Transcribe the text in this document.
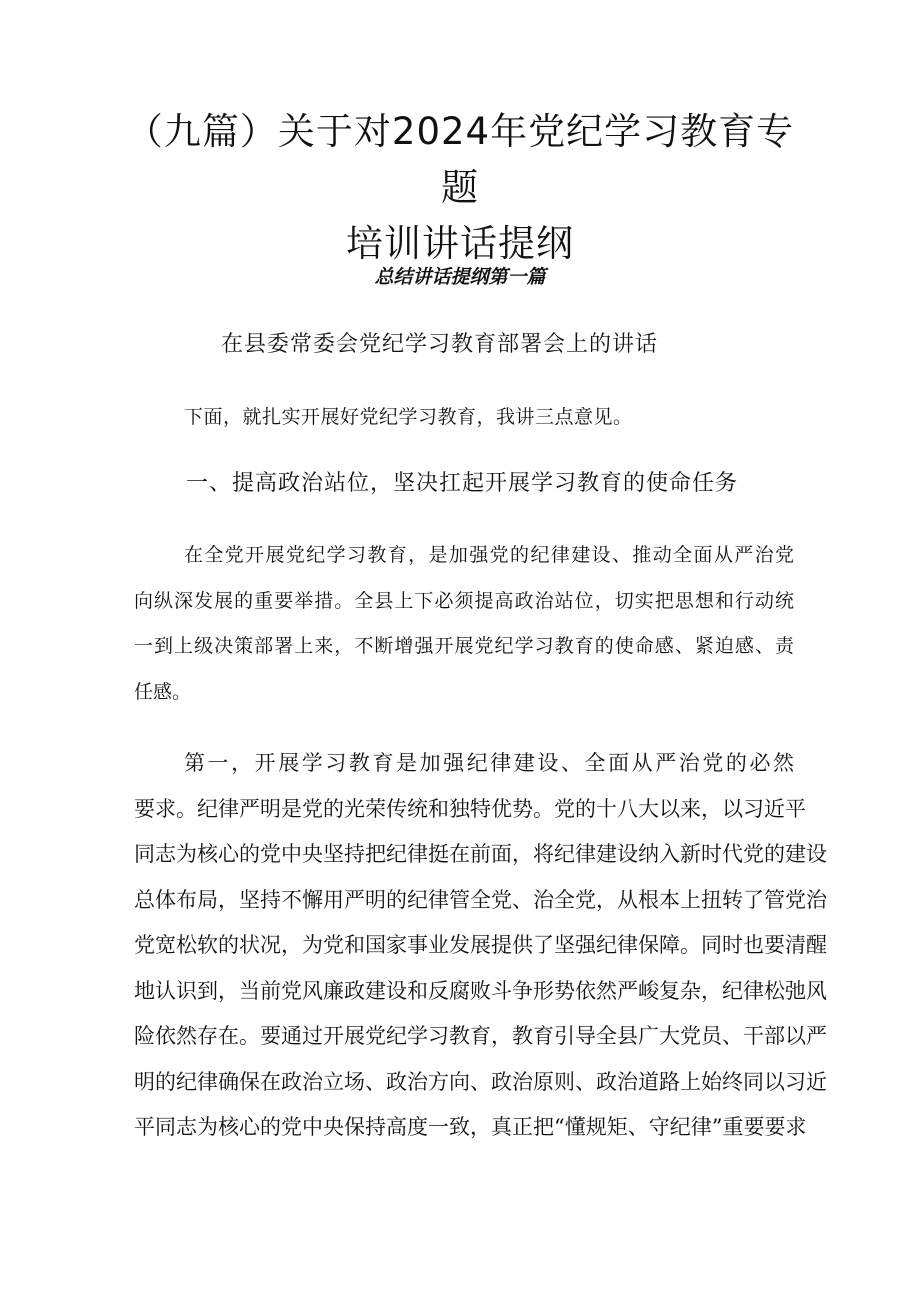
（九篇）关于对2024年党纪学习教育专题
培训讲话提纲
总结讲话提纲第一篇
在县委常委会党纪学习教育部署会上的讲话
下面，就扎实开展好党纪学习教育，我讲三点意见。
一、提高政治站位，坚决扛起开展学习教育的使命任务
在全党开展党纪学习教育，是加强党的纪律建设、推动全面从严治党
向纵深发展的重要举措。全县上下必须提高政治站位，切实把思想和行动统
一到上级决策部署上来，不断增强开展党纪学习教育的使命感、紧迫感、责
任感。
第一，开展学习教育是加强纪律建设、全面从严治党的必然
要求。纪律严明是党的光荣传统和独特优势。党的十八大以来，以习近平
同志为核心的党中央坚持把纪律挺在前面，将纪律建设纳入新时代党的建设
总体布局，坚持不懈用严明的纪律管全党、治全党，从根本上扭转了管党治
党宽松软的状况，为党和国家事业发展提供了坚强纪律保障。同时也要清醒
地认识到，当前党风廉政建设和反腐败斗争形势依然严峻复杂，纪律松弛风
险依然存在。要通过开展党纪学习教育，教育引导全县广大党员、干部以严
明的纪律确保在政治立场、政治方向、政治原则、政治道路上始终同以习近
平同志为核心的党中央保持高度一致，真正把“懂规矩、守纪律”重要要求
